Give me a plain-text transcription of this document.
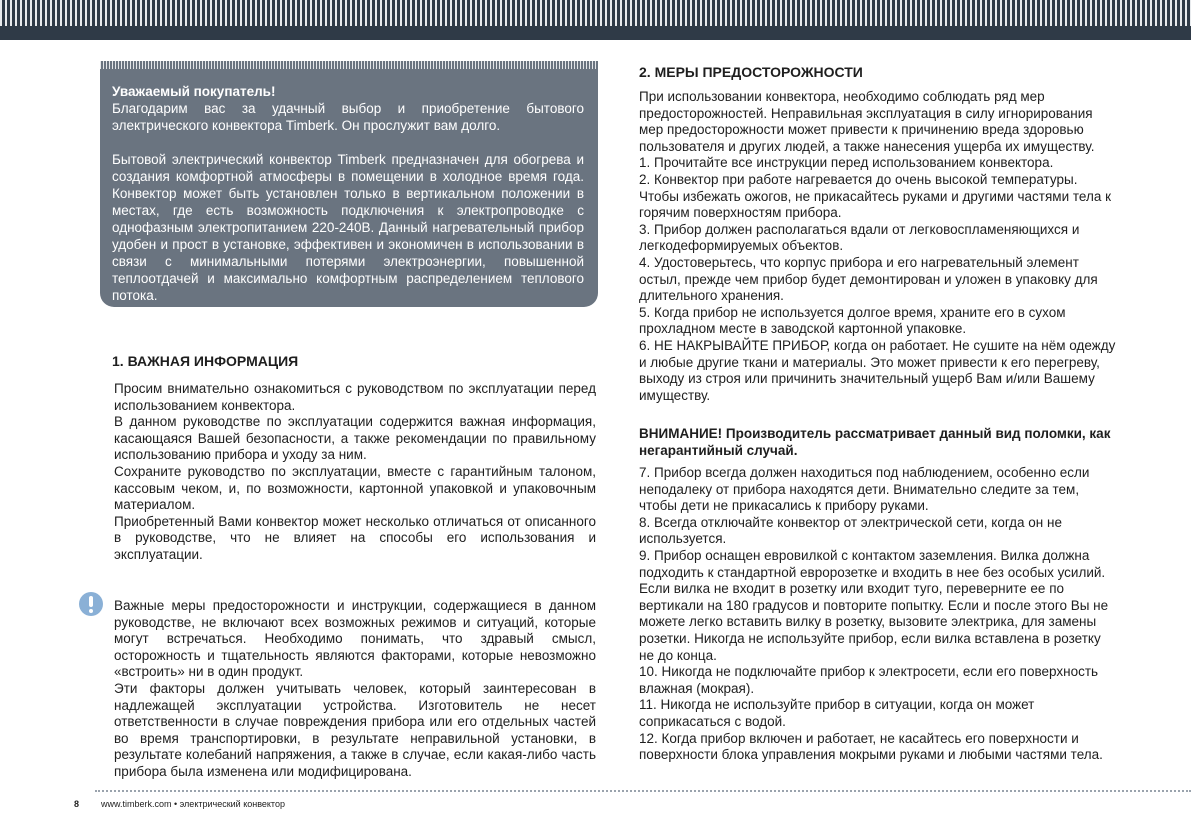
Уважаемый покупатель!
Благодарим вас за удачный выбор и приобретение бытового электрического конвектора Timberk. Он прослужит вам долго.
Бытовой электрический конвектор Timberk предназначен для обогрева и создания комфортной атмосферы в помещении в холодное время года. Конвектор может быть установлен только в вертикальном положении в местах, где есть возможность подключения к электропроводке с однофазным электропитанием 220-240В. Данный нагревательный прибор удобен и прост в установке, эффективен и экономичен в использовании в связи с минимальными потерями электроэнергии, повышенной теплоотдачей и максимально комфортным распределением теплового потока.
1. ВАЖНАЯ ИНФОРМАЦИЯ

Просим внимательно ознакомиться с руководством по эксплуатации перед использованием конвектора.

В данном руководстве по эксплуатации содержится важная информация, касающаяся Вашей безопасности, а также рекомендации по правильному использованию прибора и уходу за ним.

Сохраните руководство по эксплуатации, вместе с гарантийным талоном, кассовым чеком, и, по возможности, картонной упаковкой и упаковочным материалом.

Приобретенный Вами конвектор может несколько отличаться от описанного в руководстве, что не влияет на способы его использования и эксплуатации.

Важные меры предосторожности и инструкции, содержащиеся в данном руководстве, не включают всех возможных режимов и ситуаций, которые могут встречаться. Необходимо понимать, что здравый смысл, осторожность и тщательность являются факторами, которые невозможно «встроить» ни в один продукт.

Эти факторы должен учитывать человек, который заинтересован в надлежащей эксплуатации устройства. Изготовитель не несет ответственности в случае повреждения прибора или его отдельных частей во время транспортировки, в результате неправильной установки, в результате колебаний напряжения, а также в случае, если какая-либо часть прибора была изменена или модифицирована.

2. МЕРЫ ПРЕДОСТОРОЖНОСТИ

При использовании конвектора, необходимо соблюдать ряд мер предосторожностей. Неправильная эксплуатация в силу игнорирования мер предосторожности может привести к причинению вреда здоровью пользователя и других людей, а также нанесения ущерба их имуществу.

1. Прочитайте все инструкции перед использованием конвектора.

2. Конвектор при работе нагревается до очень высокой температуры. Чтобы избежать ожогов, не прикасайтесь руками и другими частями тела к горячим поверхностям прибора.

3. Прибор должен располагаться вдали от легковоспламеняющихся и легкодеформируемых объектов.

4. Удостоверьтесь, что корпус прибора и его нагревательный элемент остыл, прежде чем прибор будет демонтирован и уложен в упаковку для длительного хранения.

5. Когда прибор не используется долгое время, храните его в сухом прохладном месте в заводской картонной упаковке.

6. НЕ НАКРЫВАЙТЕ ПРИБОР, когда он работает. Не сушите на нём одежду и любые другие ткани и материалы. Это может привести к его перегреву, выходу из строя или причинить значительный ущерб Вам и/или Вашему имуществу.

ВНИМАНИЕ! Производитель рассматривает данный вид поломки, как негарантийный случай.

7. Прибор всегда должен находиться под наблюдением, особенно если неподалеку от прибора находятся дети. Внимательно следите за тем, чтобы дети не прикасались к прибору руками.

8. Всегда отключайте конвектор от электрической сети, когда он не используется.

9. Прибор оснащен евровилкой с контактом заземления. Вилка должна подходить к стандартной евророзетке и входить в нее без особых усилий. Если вилка не входит в розетку или входит туго, переверните ее по вертикали на 180 градусов и повторите попытку. Если и после этого Вы не можете легко вставить вилку в розетку, вызовите электрика, для замены розетки. Никогда не используйте прибор, если вилка вставлена в розетку не до конца.

10. Никогда не подключайте прибор к электросети, если его поверхность влажная (мокрая).

11. Никогда не используйте прибор в ситуации, когда он может соприкасаться с водой.

12. Когда прибор включен и работает, не касайтесь его поверхности и поверхности блока управления мокрыми руками и любыми частями тела.

8 www.timberk.com • электрический конвектор
